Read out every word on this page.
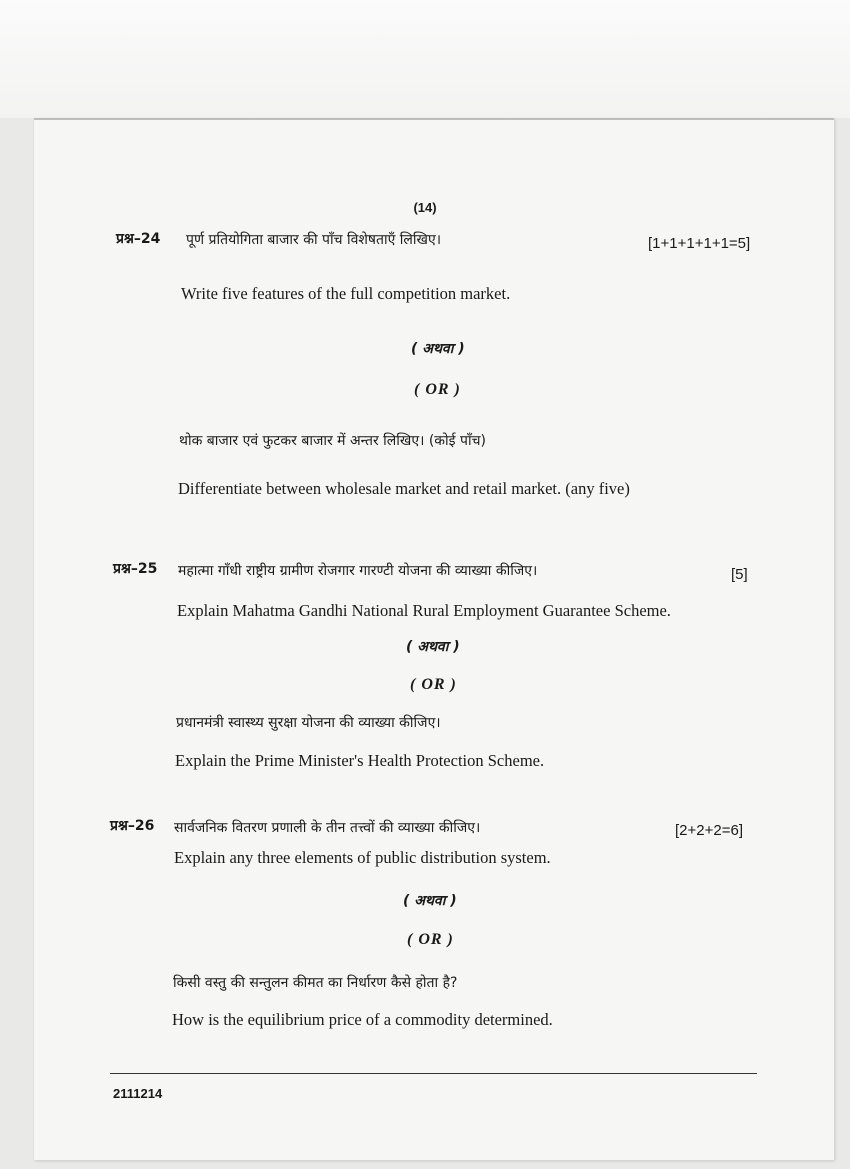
(14)
प्रश्न–24 पूर्ण प्रतियोगिता बाजार की पाँच विशेषताएँ लिखिए।	[1+1+1+1+1=5]
Write five features of the full competition market.
( अथवा )
( OR )
थोक बाजार एवं फुटकर बाजार में अन्तर लिखिए। (कोई पाँच)
Differentiate between wholesale market and retail market. (any five)
प्रश्न–25 महात्मा गाँधी राष्ट्रीय ग्रामीण रोजगार गारण्टी योजना की व्याख्या कीजिए।	[5]
Explain Mahatma Gandhi National Rural Employment Guarantee Scheme.
( अथवा )
( OR )
प्रधानमंत्री स्वास्थ्य सुरक्षा योजना की व्याख्या कीजिए।
Explain the Prime Minister's Health Protection Scheme.
प्रश्न–26 सार्वजनिक वितरण प्रणाली के तीन तत्त्वों की व्याख्या कीजिए।	[2+2+2=6]
Explain any three elements of public distribution system.
( अथवा )
( OR )
किसी वस्तु की सन्तुलन कीमत का निर्धारण कैसे होता है?
How is the equilibrium price of a commodity determined.
2111214
